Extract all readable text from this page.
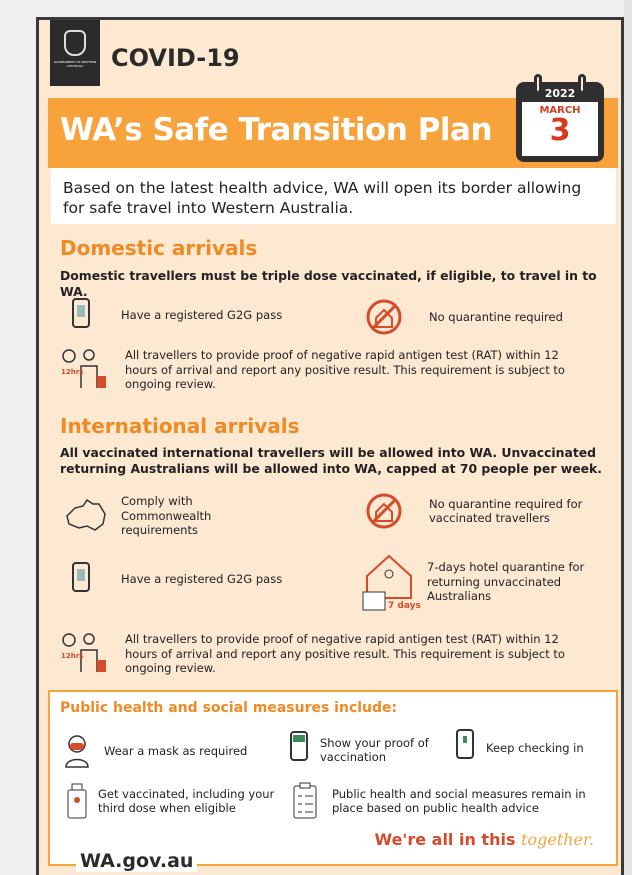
GOVERNMENT OF WESTERN AUSTRALIA	COVID-19
WA’s Safe Transition Plan
2022
MARCH
3
Based on the latest health advice, WA will open its border allowing for safe travel into Western Australia.
Domestic arrivals
Domestic travellers must be triple dose vaccinated, if eligible, to travel in to WA.
Have a registered G2G pass	No quarantine required
12hrs
All travellers to provide proof of negative rapid antigen test (RAT) within 12 hours of arrival and report any positive result. This requirement is subject to ongoing review.
International arrivals
All vaccinated international travellers will be allowed into WA. Unvaccinated returning Australians will be allowed into WA, capped at 70 people per week.
Comply with Commonwealth requirements
No quarantine required for vaccinated travellers
Have a registered G2G pass
7 days
7-days hotel quarantine for returning unvaccinated Australians
12hrs
All travellers to provide proof of negative rapid antigen test (RAT) within 12 hours of arrival and report any positive result. This requirement is subject to ongoing review.
Public health and social measures include:
Wear a mask as required
Show your proof of vaccination
Keep checking in
Get vaccinated, including your third dose when eligible
Public health and social measures remain in place based on public health advice
We're all in this together.
WA.gov.au
